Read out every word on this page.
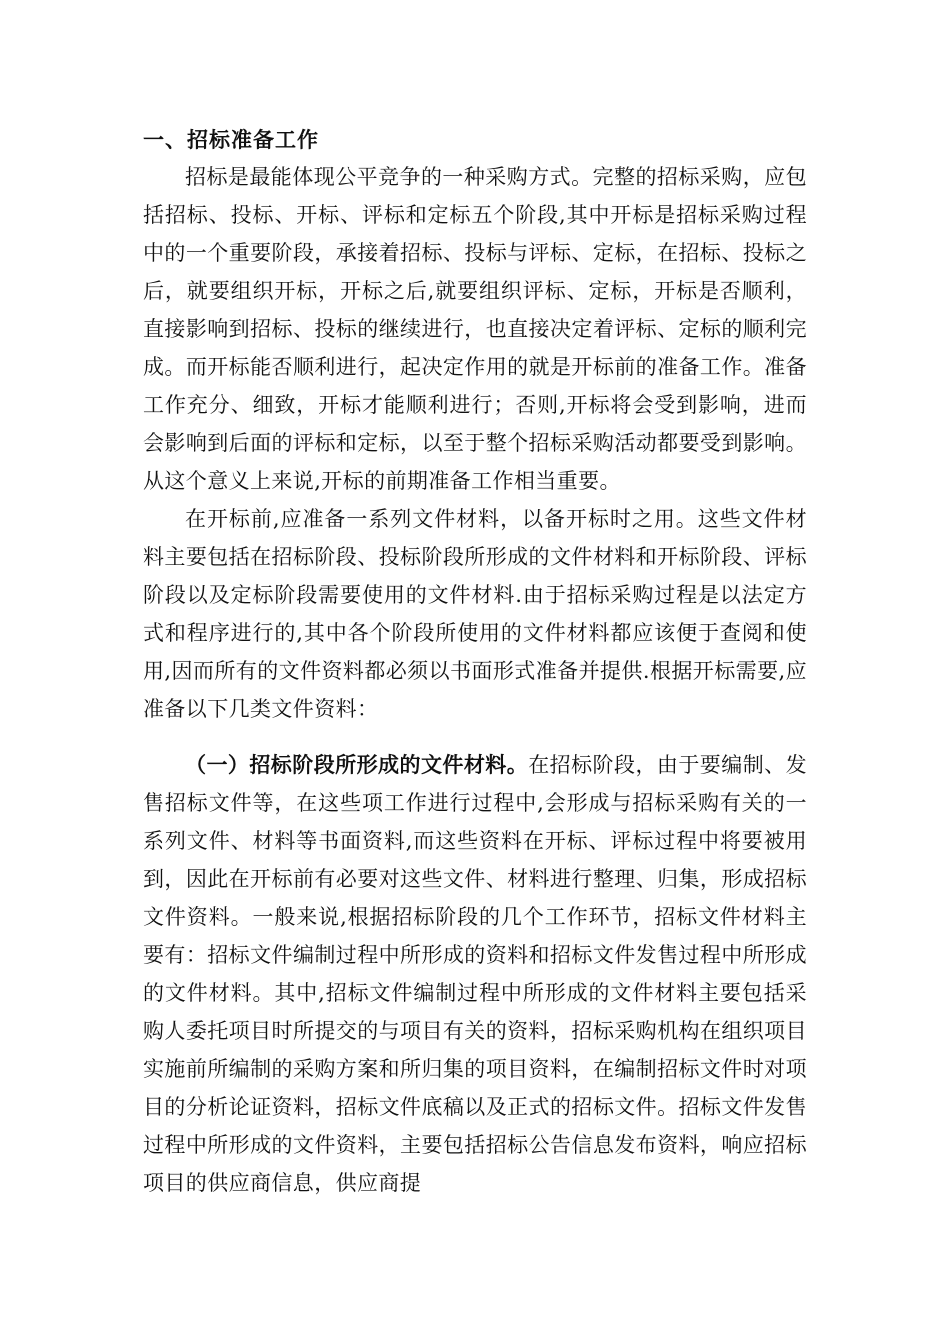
一、招标准备工作

招标是最能体现公平竞争的一种采购方式。完整的招标采购，应包括招标、投标、开标、评标和定标五个阶段,其中开标是招标采购过程中的一个重要阶段，承接着招标、投标与评标、定标，在招标、投标之后，就要组织开标，开标之后,就要组织评标、定标，开标是否顺利，直接影响到招标、投标的继续进行，也直接决定着评标、定标的顺利完成。而开标能否顺利进行，起决定作用的就是开标前的准备工作。准备工作充分、细致，开标才能顺利进行；否则,开标将会受到影响，进而会影响到后面的评标和定标，以至于整个招标采购活动都要受到影响。从这个意义上来说,开标的前期准备工作相当重要。

在开标前,应准备一系列文件材料，以备开标时之用。这些文件材料主要包括在招标阶段、投标阶段所形成的文件材料和开标阶段、评标阶段以及定标阶段需要使用的文件材料.由于招标采购过程是以法定方式和程序进行的,其中各个阶段所使用的文件材料都应该便于查阅和使用,因而所有的文件资料都必须以书面形式准备并提供.根据开标需要,应准备以下几类文件资料：

（一）招标阶段所形成的文件材料。在招标阶段，由于要编制、发售招标文件等，在这些项工作进行过程中,会形成与招标采购有关的一系列文件、材料等书面资料,而这些资料在开标、评标过程中将要被用到，因此在开标前有必要对这些文件、材料进行整理、归集，形成招标文件资料。一般来说,根据招标阶段的几个工作环节，招标文件材料主要有：招标文件编制过程中所形成的资料和招标文件发售过程中所形成的文件材料。其中,招标文件编制过程中所形成的文件材料主要包括采购人委托项目时所提交的与项目有关的资料，招标采购机构在组织项目实施前所编制的采购方案和所归集的项目资料，在编制招标文件时对项目的分析论证资料，招标文件底稿以及正式的招标文件。招标文件发售过程中所形成的文件资料，主要包括招标公告信息发布资料，响应招标项目的供应商信息，供应商提
